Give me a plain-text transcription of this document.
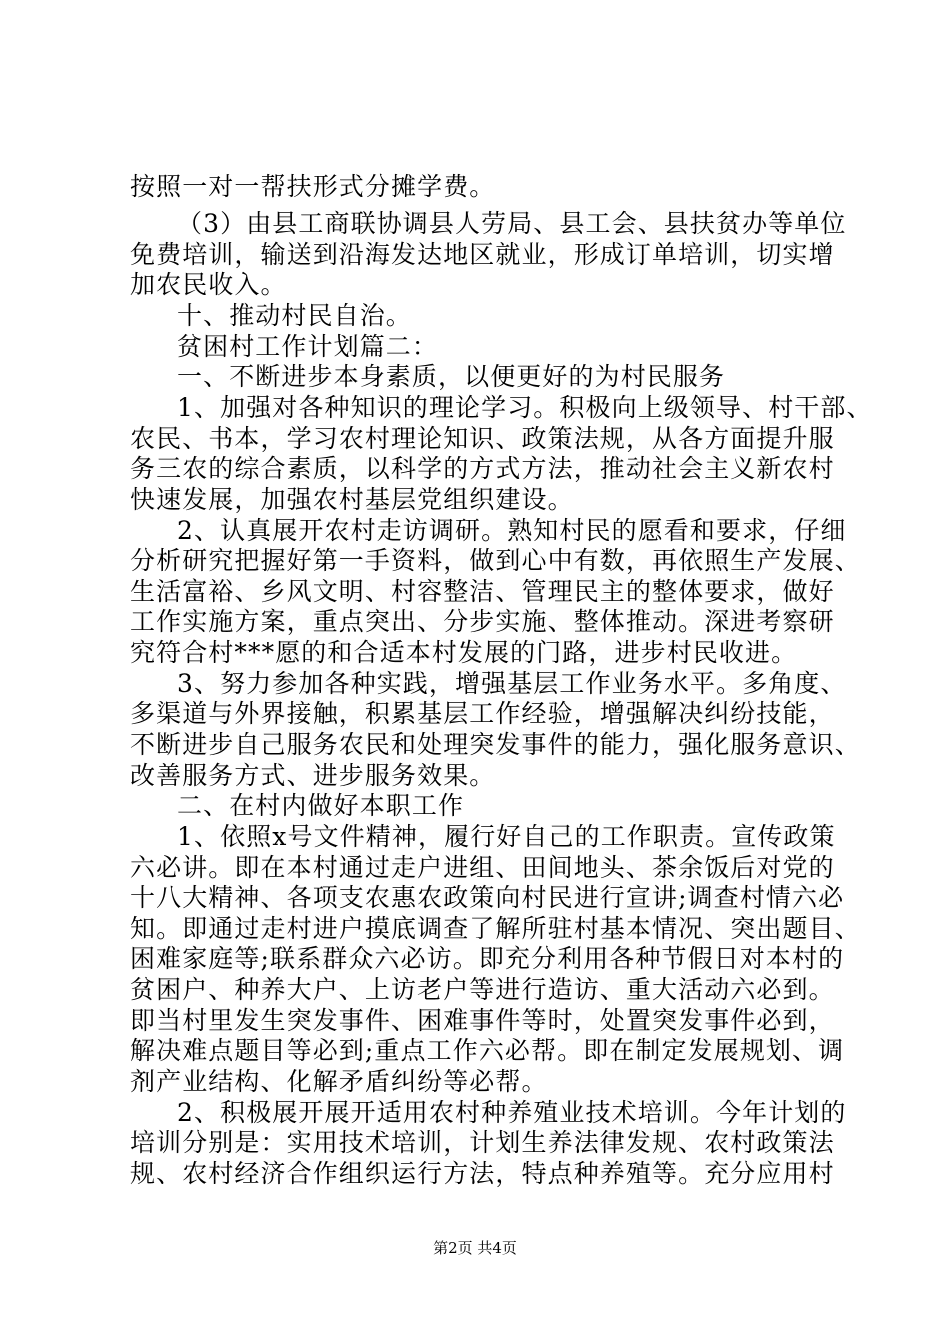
按照一对一帮扶形式分摊学费。
（3）由县工商联协调县人劳局、县工会、县扶贫办等单位
免费培训，输送到沿海发达地区就业，形成订单培训，切实增
加农民收入。
十、推动村民自治。
贫困村工作计划篇二：
一、不断进步本身素质，以便更好的为村民服务
1、加强对各种知识的理论学习。积极向上级领导、村干部、
农民、书本，学习农村理论知识、政策法规，从各方面提升服
务三农的综合素质，以科学的方式方法，推动社会主义新农村
快速发展，加强农村基层党组织建设。
2、认真展开农村走访调研。熟知村民的愿看和要求，仔细
分析研究把握好第一手资料，做到心中有数，再依照生产发展、
生活富裕、乡风文明、村容整洁、管理民主的整体要求，做好
工作实施方案，重点突出、分步实施、整体推动。深进考察研
究符合村***愿的和合适本村发展的门路，进步村民收进。
3、努力参加各种实践，增强基层工作业务水平。多角度、
多渠道与外界接触，积累基层工作经验，增强解决纠纷技能，
不断进步自己服务农民和处理突发事件的能力，强化服务意识、
改善服务方式、进步服务效果。
二、在村内做好本职工作
1、依照x号文件精神，履行好自己的工作职责。宣传政策
六必讲。即在本村通过走户进组、田间地头、茶余饭后对党的
十八大精神、各项支农惠农政策向村民进行宣讲;调查村情六必
知。即通过走村进户摸底调查了解所驻村基本情况、突出题目、
困难家庭等;联系群众六必访。即充分利用各种节假日对本村的
贫困户、种养大户、上访老户等进行造访、重大活动六必到。
即当村里发生突发事件、困难事件等时，处置突发事件必到，
解决难点题目等必到;重点工作六必帮。即在制定发展规划、调
剂产业结构、化解矛盾纠纷等必帮。
2、积极展开展开适用农村种养殖业技术培训。今年计划的
培训分别是：实用技术培训，计划生养法律发规、农村政策法
规、农村经济合作组织运行方法，特点种养殖等。充分应用村
第2页 共4页
